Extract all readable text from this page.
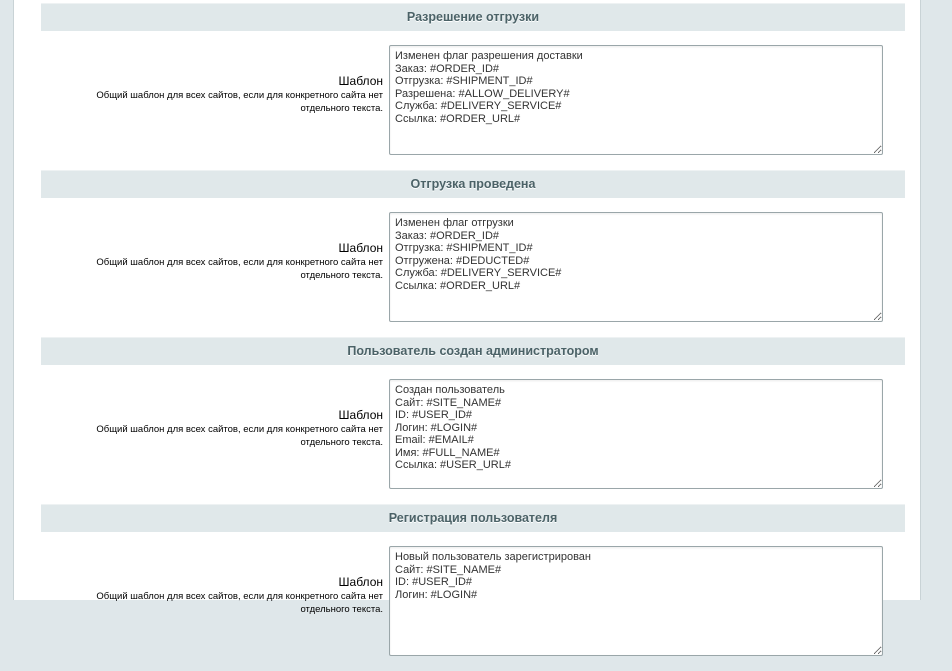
Разрешение отгрузки
Шаблон
Общий шаблон для всех сайтов, если для конкретного сайта нет отдельного текста.
Изменен флаг разрешения доставки Заказ: #ORDER_ID# Отгрузка: #SHIPMENT_ID# Разрешена: #ALLOW_DELIVERY# Служба: #DELIVERY_SERVICE# Ссылка: #ORDER_URL#
Отгрузка проведена
Шаблон
Общий шаблон для всех сайтов, если для конкретного сайта нет отдельного текста.
Изменен флаг отгрузки Заказ: #ORDER_ID# Отгрузка: #SHIPMENT_ID# Отгружена: #DEDUCTED# Служба: #DELIVERY_SERVICE# Ссылка: #ORDER_URL#
Пользователь создан администратором
Шаблон
Общий шаблон для всех сайтов, если для конкретного сайта нет отдельного текста.
Создан пользователь Сайт: #SITE_NAME# ID: #USER_ID# Логин: #LOGIN# Email: #EMAIL# Имя: #FULL_NAME# Ссылка: #USER_URL#
Регистрация пользователя
Шаблон
Общий шаблон для всех сайтов, если для конкретного сайта нет отдельного текста.
Новый пользователь зарегистрирован Сайт: #SITE_NAME# ID: #USER_ID# Логин: #LOGIN#
